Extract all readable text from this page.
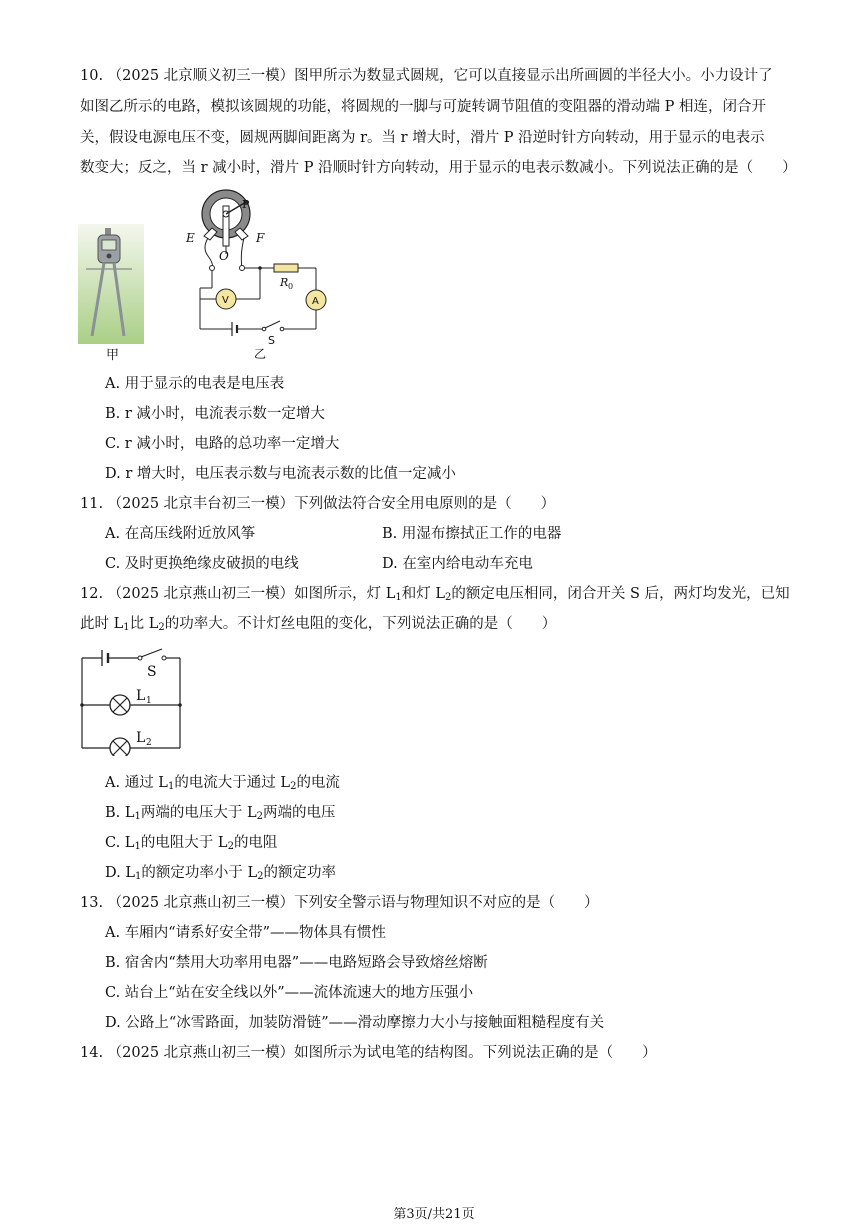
10. （2025 北京顺义初三一模）图甲所示为数显式圆规，它可以直接显示出所画圆的半径大小。小力设计了
如图乙所示的电路，模拟该圆规的功能，将圆规的一脚与可旋转调节阻值的变阻器的滑动端 P 相连，闭合开
关，假设电源电压不变，圆规两脚间距离为 r。当 r 增大时，滑片 P 沿逆时针方向转动，用于显示的电表示
数变大；反之，当 r 减小时，滑片 P 沿顺时针方向转动，用于显示的电表示数减小。下列说法正确的是（　　）
甲
P
E	F
O
R 0
V	A
S
乙
A. 用于显示的电表是电压表
B. r 减小时，电流表示数一定增大
C. r 减小时，电路的总功率一定增大
D. r 增大时，电压表示数与电流表示数的比值一定减小
11. （2025 北京丰台初三一模）下列做法符合安全用电原则的是（　　）
A. 在高压线附近放风筝	B. 用湿布擦拭正工作的电器
C. 及时更换绝缘皮破损的电线	D. 在室内给电动车充电
12. （2025 北京燕山初三一模）如图所示，灯 $L_1$和灯 $L_2$的额定电压相同，闭合开关 S 后，两灯均发光，已知
此时 $L_1$比 $L_2$的功率大。不计灯丝电阻的变化，下列说法正确的是（　　）
S
L 1
L 2
A. 通过 $L_1$的电流大于通过 $L_2$的电流
B. $L_1$两端的电压大于 $L_2$两端的电压
C. $L_1$的电阻大于 $L_2$的电阻
D. $L_1$的额定功率小于 $L_2$的额定功率
13. （2025 北京燕山初三一模）下列安全警示语与物理知识不对应的是（　　）
A. 车厢内“请系好安全带”——物体具有惯性
B. 宿舍内“禁用大功率用电器”——电路短路会导致熔丝熔断
C. 站台上“站在安全线以外”——流体流速大的地方压强小
D. 公路上“冰雪路面，加装防滑链”——滑动摩擦力大小与接触面粗糙程度有关
14. （2025 北京燕山初三一模）如图所示为试电笔的结构图。下列说法正确的是（　　）
第3页/共21页
